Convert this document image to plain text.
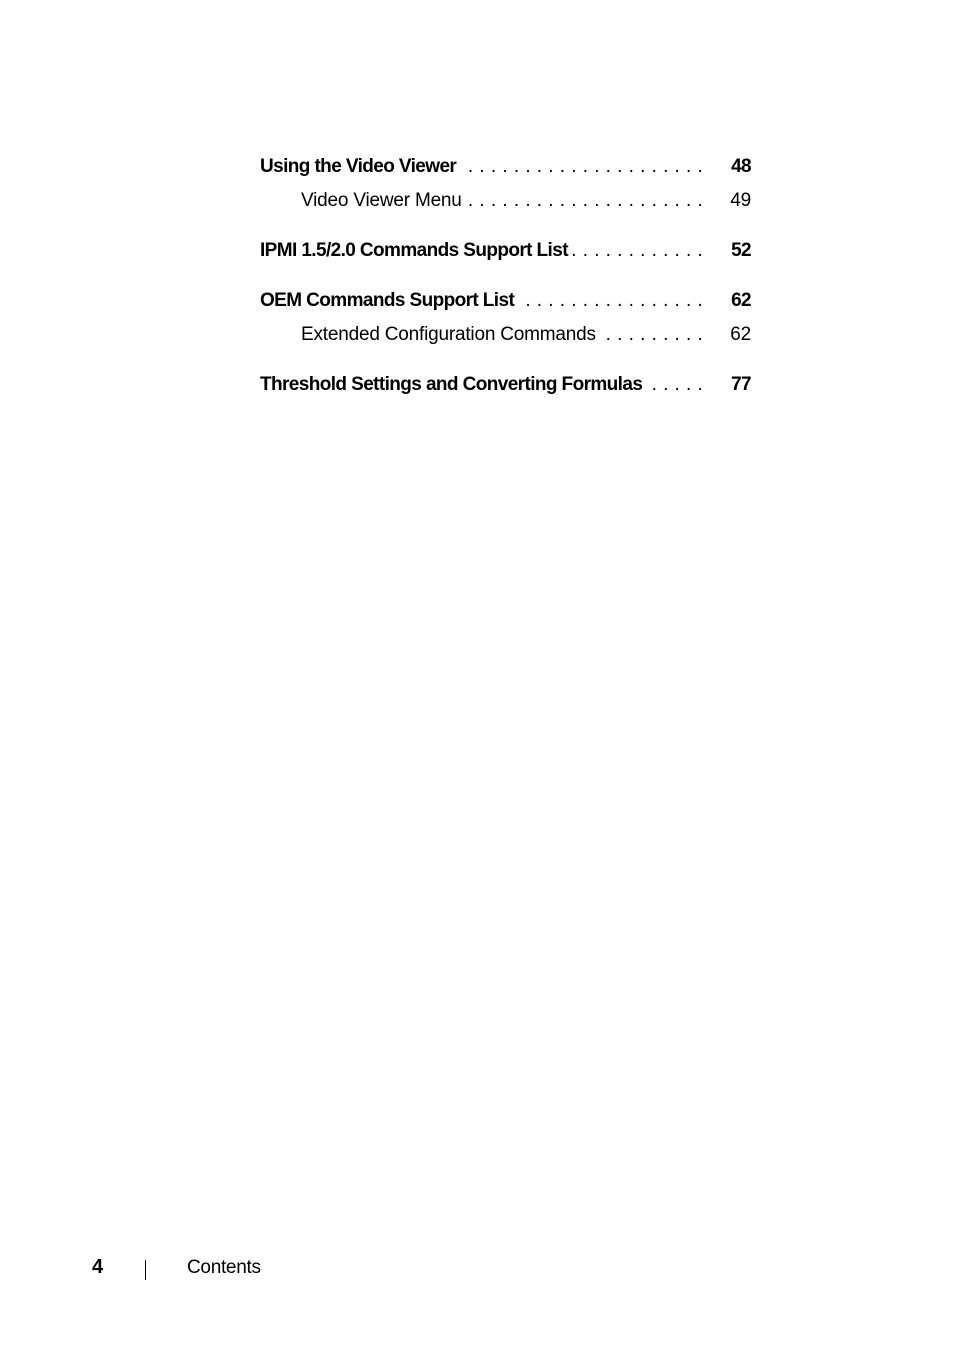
Using the Video Viewer .....	48
Video Viewer Menu .....	49
IPMI 1.5/2.0 Commands Support List .....	52
OEM Commands Support List .....	62
Extended Configuration Commands .....	62
Threshold Settings and Converting Formulas .....	77
4	Contents
